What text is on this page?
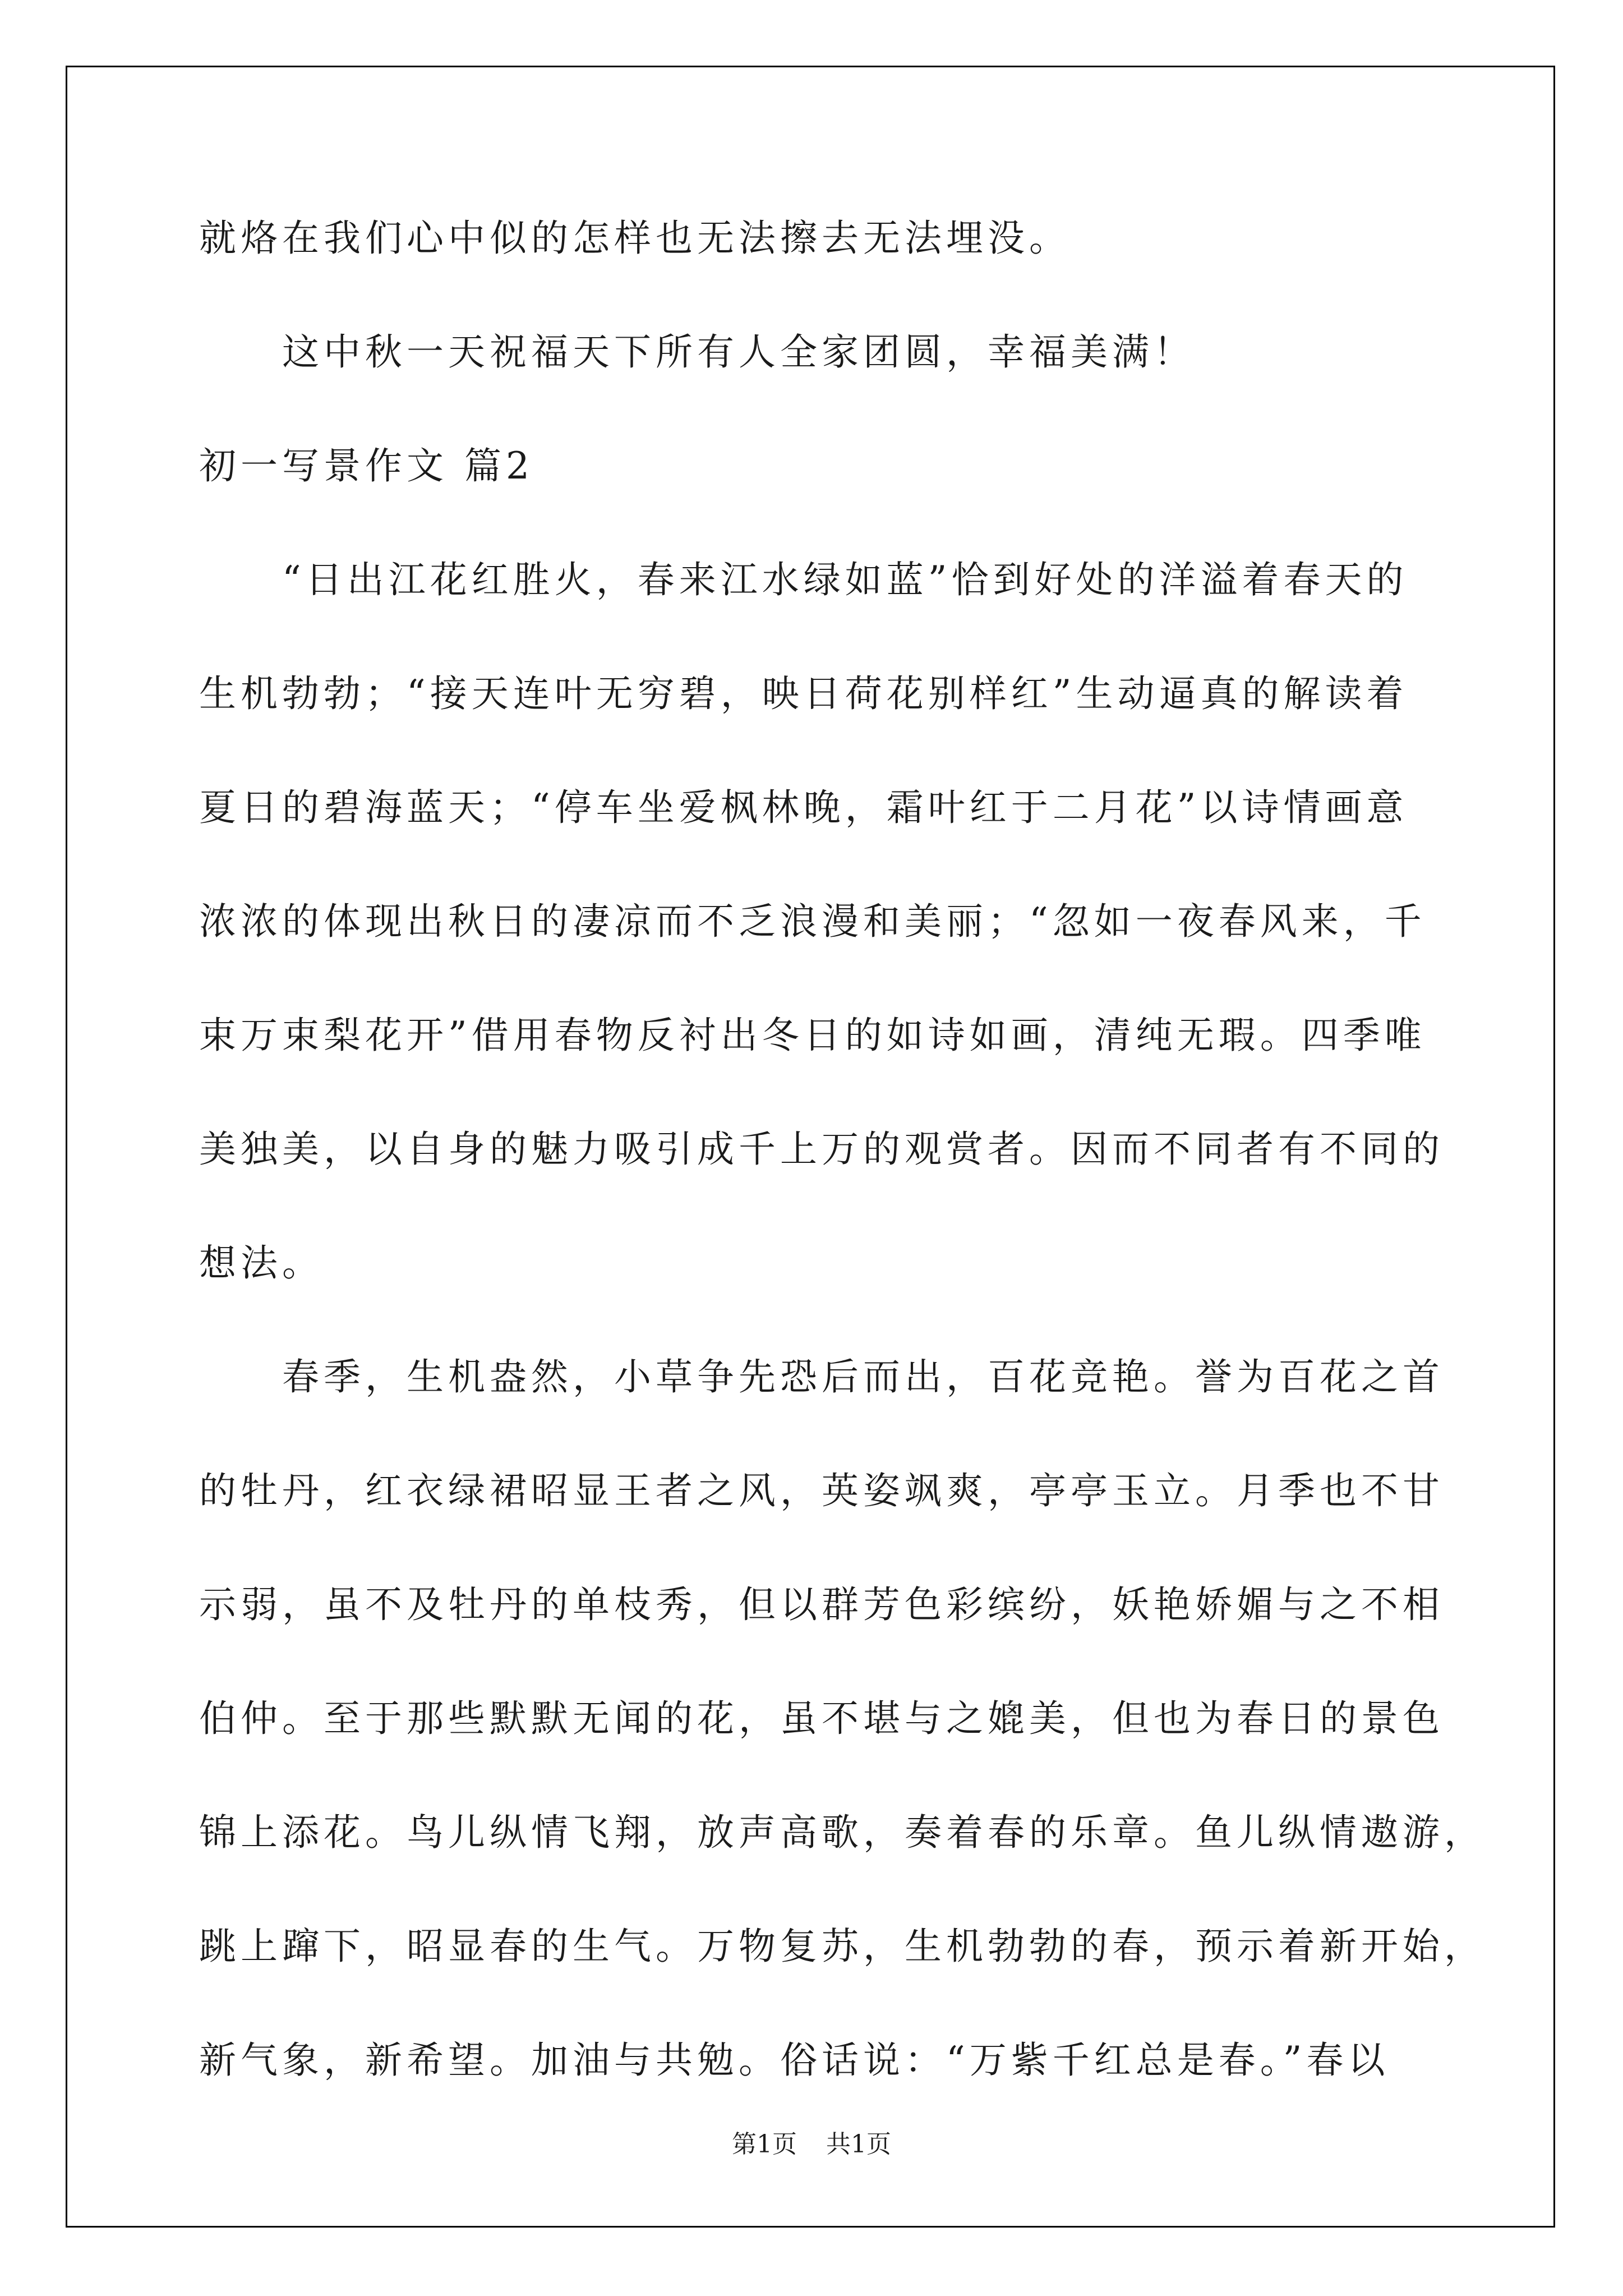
就烙在我们心中似的怎样也无法擦去无法埋没。
这中秋一天祝福天下所有人全家团圆，幸福美满！
初一写景作文 篇2
“日出江花红胜火，春来江水绿如蓝”恰到好处的洋溢着春天的
生机勃勃；“接天连叶无穷碧，映日荷花别样红”生动逼真的解读着
夏日的碧海蓝天；“停车坐爱枫林晚，霜叶红于二月花”以诗情画意
浓浓的体现出秋日的凄凉而不乏浪漫和美丽；“忽如一夜春风来，千
束万束梨花开”借用春物反衬出冬日的如诗如画，清纯无瑕。四季唯
美独美，以自身的魅力吸引成千上万的观赏者。因而不同者有不同的
想法。
春季，生机盎然，小草争先恐后而出，百花竞艳。誉为百花之首
的牡丹，红衣绿裙昭显王者之风，英姿飒爽，亭亭玉立。月季也不甘
示弱，虽不及牡丹的单枝秀，但以群芳色彩缤纷，妖艳娇媚与之不相
伯仲。至于那些默默无闻的花，虽不堪与之媲美，但也为春日的景色
锦上添花。鸟儿纵情飞翔，放声高歌，奏着春的乐章。鱼儿纵情遨游，
跳上蹿下，昭显春的生气。万物复苏，生机勃勃的春，预示着新开始，
新气象，新希望。加油与共勉。俗话说：“万紫千红总是春。”春以
第1页 共1页
